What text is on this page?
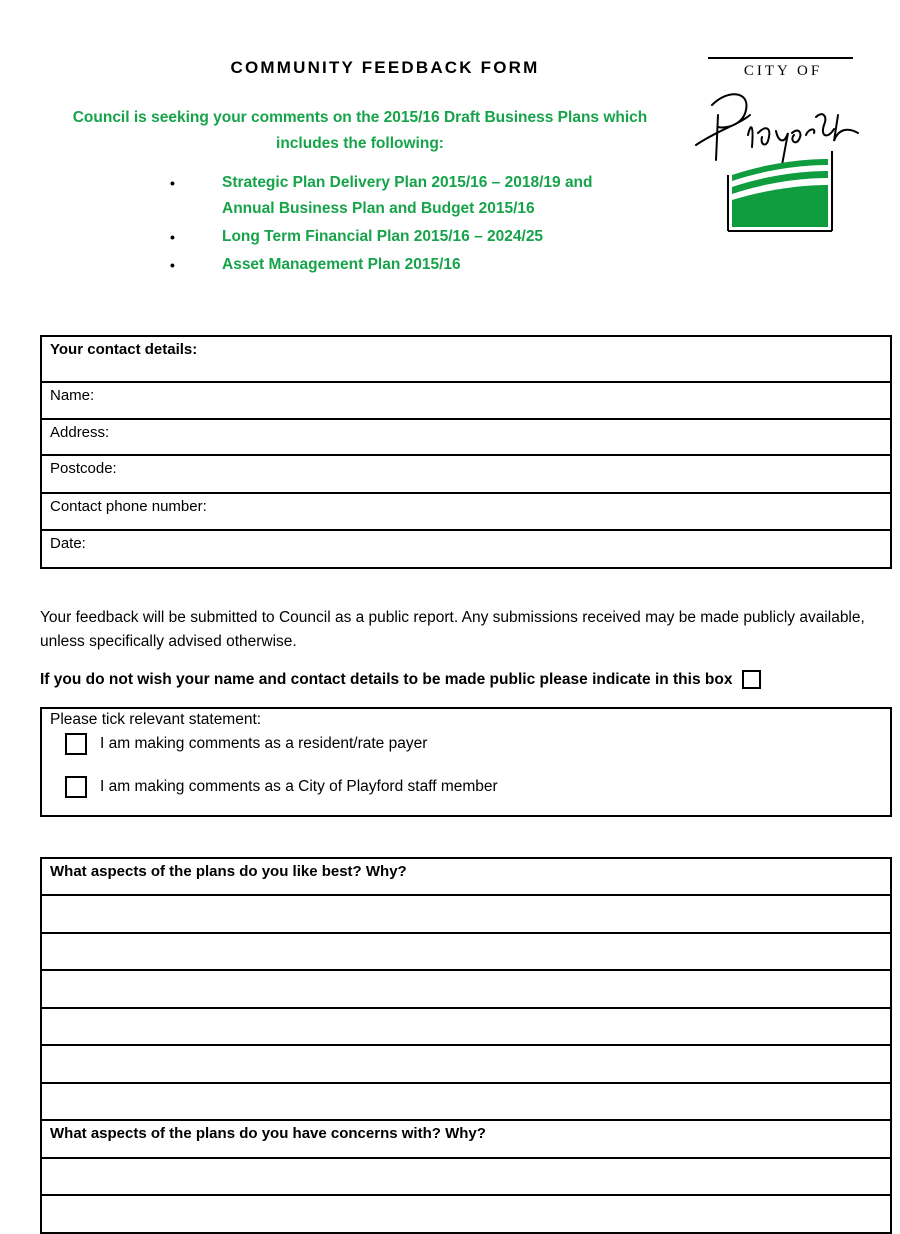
COMMUNITY FEEDBACK FORM
Council is seeking your comments on the 2015/16 Draft Business Plans which
includes the following:
•	Strategic Plan Delivery Plan 2015/16 – 2018/19 and
Annual Business Plan and Budget 2015/16
•	Long Term Financial Plan 2015/16 – 2024/25
•	Asset Management Plan 2015/16
CITY OF
Your contact details:
Name:
Address:
Postcode:
Contact phone number:
Date:
Your feedback will be submitted to Council as a public report. Any submissions received may be made publicly available, unless specifically advised otherwise.
If you do not wish your name and contact details to be made public please indicate in this box
Please tick relevant statement:
I am making comments as a resident/rate payer
I am making comments as a City of Playford staff member
What aspects of the plans do you like best? Why?

What aspects of the plans do you have concerns with? Why?
